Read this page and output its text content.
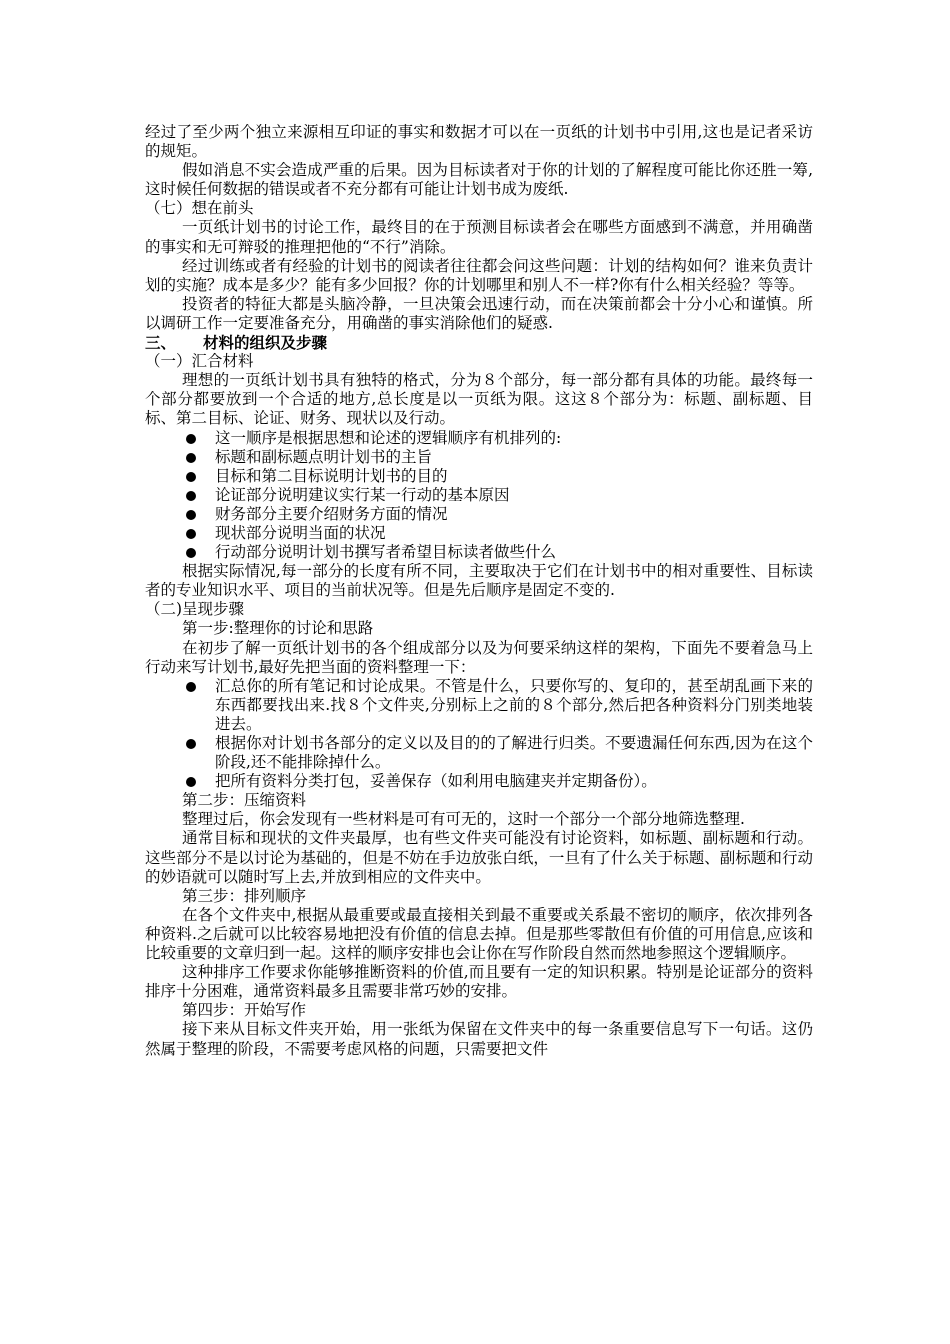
经过了至少两个独立来源相互印证的事实和数据才可以在一页纸的计划书中引用,这也是记者采访的规矩。

假如消息不实会造成严重的后果。因为目标读者对于你的计划的了解程度可能比你还胜一筹,这时候任何数据的错误或者不充分都有可能让计划书成为废纸.

（七）想在前头

一页纸计划书的讨论工作，最终目的在于预测目标读者会在哪些方面感到不满意，并用确凿的事实和无可辩驳的推理把他的“不行”消除。

经过训练或者有经验的计划书的阅读者往往都会问这些问题：计划的结构如何？谁来负责计划的实施？成本是多少？能有多少回报？你的计划哪里和别人不一样?你有什么相关经验？等等。

投资者的特征大都是头脑冷静，一旦决策会迅速行动，而在决策前都会十分小心和谨慎。所以调研工作一定要准备充分，用确凿的事实消除他们的疑惑.

三、 材料的组织及步骤

（一）汇合材料

理想的一页纸计划书具有独特的格式，分为８个部分，每一部分都有具体的功能。最终每一个部分都要放到一个合适的地方,总长度是以一页纸为限。这这８个部分为：标题、副标题、目标、第二目标、论证、财务、现状以及行动。

这一顺序是根据思想和论述的逻辑顺序有机排列的:
标题和副标题点明计划书的主旨
目标和第二目标说明计划书的目的
论证部分说明建议实行某一行动的基本原因
财务部分主要介绍财务方面的情况
现状部分说明当面的状况
行动部分说明计划书撰写者希望目标读者做些什么

根据实际情况,每一部分的长度有所不同，主要取决于它们在计划书中的相对重要性、目标读者的专业知识水平、项目的当前状况等。但是先后顺序是固定不变的.

（二)呈现步骤

第一步:整理你的讨论和思路

在初步了解一页纸计划书的各个组成部分以及为何要采纳这样的架构，下面先不要着急马上行动来写计划书,最好先把当面的资料整理一下：

汇总你的所有笔记和讨论成果。不管是什么，只要你写的、复印的，甚至胡乱画下来的东西都要找出来.找８个文件夹,分别标上之前的８个部分,然后把各种资料分门别类地装进去。
根据你对计划书各部分的定义以及目的的了解进行归类。不要遗漏任何东西,因为在这个阶段,还不能排除掉什么。
把所有资料分类打包，妥善保存（如利用电脑建夹并定期备份）。

第二步：压缩资料

整理过后，你会发现有一些材料是可有可无的，这时一个部分一个部分地筛选整理.

通常目标和现状的文件夹最厚，也有些文件夹可能没有讨论资料，如标题、副标题和行动。这些部分不是以讨论为基础的，但是不妨在手边放张白纸，一旦有了什么关于标题、副标题和行动的妙语就可以随时写上去,并放到相应的文件夹中。

第三步：排列顺序

在各个文件夹中,根据从最重要或最直接相关到最不重要或关系最不密切的顺序，依次排列各种资料.之后就可以比较容易地把没有价值的信息去掉。但是那些零散但有价值的可用信息,应该和比较重要的文章归到一起。这样的顺序安排也会让你在写作阶段自然而然地参照这个逻辑顺序。

这种排序工作要求你能够推断资料的价值,而且要有一定的知识积累。特别是论证部分的资料排序十分困难，通常资料最多且需要非常巧妙的安排。

第四步：开始写作

接下来从目标文件夹开始，用一张纸为保留在文件夹中的每一条重要信息写下一句话。这仍然属于整理的阶段，不需要考虑风格的问题，只需要把文件
